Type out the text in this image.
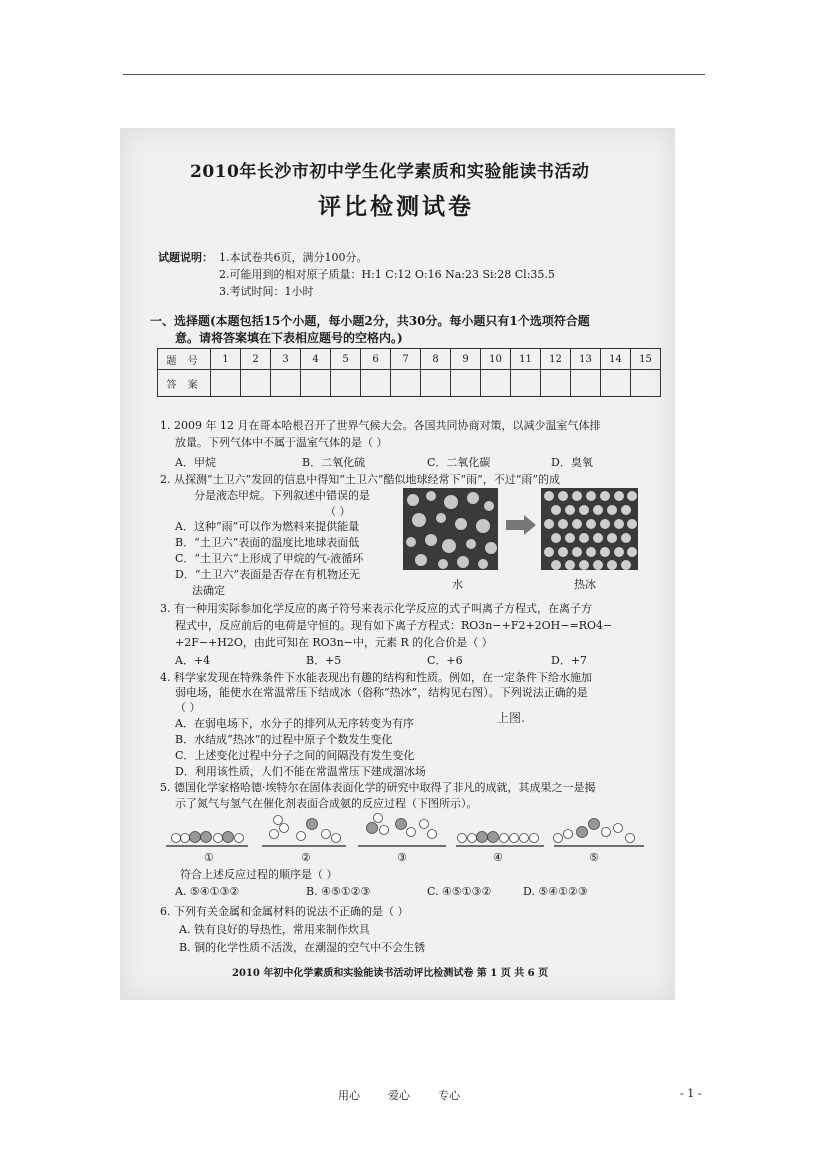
2010年长沙市初中学生化学素质和实验能读书活动
评比检测试卷
试题说明： 1.本试卷共6页，满分100分。
2.可能用到的相对原子质量：H:1 C:12 O:16 Na:23 Si:28 Cl:35.5
3.考试时间：1小时
一、选择题(本题包括15个小题，每小题2分，共30分。每小题只有1个选项符合题
意。请将答案填在下表相应题号的空格内。)
题 号	1	2	3	4	5	6	7	8	9	10	11	12	13	14	15
答 案															
1. 2009 年 12 月在哥本哈根召开了世界气候大会。各国共同协商对策，以减少温室气体排
放量。下列气体中不属于温室气体的是（ ）
A．甲烷	B．二氧化硫	C．二氧化碳	D．臭氧
2. 从探测“土卫六”发回的信息中得知“土卫六”酷似地球经常下“雨”，不过“雨”的成
分是液态甲烷。下列叙述中错误的是
（ ）
A．这种“雨”可以作为燃料来提供能量
B．“土卫六”表面的温度比地球表面低
C．“土卫六”上形成了甲烷的气-液循环
D．“土卫六”表面是否存在有机物还无
法确定	水	热冰
3. 有一种用实际参加化学反应的离子符号来表示化学反应的式子叫离子方程式，在离子方
程式中，反应前后的电荷是守恒的。现有如下离子方程式：RO3n−+F2+2OH−=RO4−
+2F−+H2O，由此可知在 RO3n−中，元素 R 的化合价是（ ）
A．+4	B．+5	C．+6	D．+7
4. 科学家发现在特殊条件下水能表现出有趣的结构和性质。例如，在一定条件下给水施加
弱电场，能使水在常温常压下结成冰（俗称“热冰”，结构见右图）。下列说法正确的是
（ ）
上图.
A．在弱电场下，水分子的排列从无序转变为有序
B．水结成“热冰”的过程中原子个数发生变化
C．上述变化过程中分子之间的间隔没有发生变化
D．利用该性质，人们不能在常温常压下建成溜冰场
5. 德国化学家格哈德·埃特尔在固体表面化学的研究中取得了非凡的成就，其成果之一是揭
示了氮气与氢气在催化剂表面合成氨的反应过程（下图所示）。
①	②	③	④	⑤
符合上述反应过程的顺序是（ ）
A. ⑤④①③②	B. ④⑤①②③	C. ④⑤①③②	D. ⑤④①②③
6. 下列有关金属和金属材料的说法不正确的是（ ）
A. 铁有良好的导热性，常用来制作炊具
B. 铜的化学性质不活泼，在潮湿的空气中不会生锈
2010 年初中化学素质和实验能读书活动评比检测试卷 第 1 页 共 6 页
用心	爱心	专心	- 1 -
